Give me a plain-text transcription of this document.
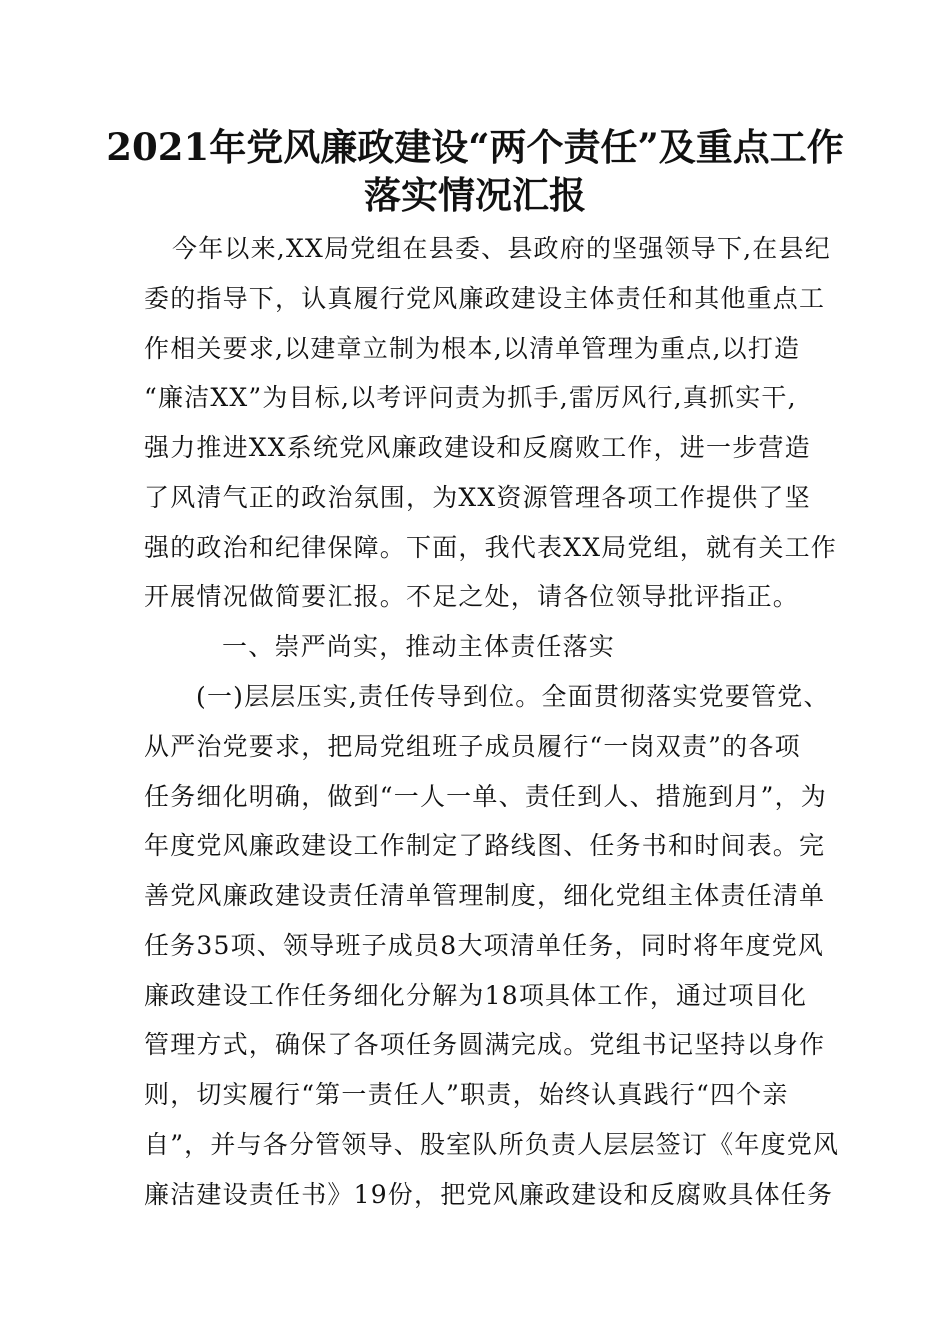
2021年党风廉政建设“两个责任”及重点工作
落实情况汇报
今年以来,XX局党组在县委、县政府的坚强领导下,在县纪
委的指导下，认真履行党风廉政建设主体责任和其他重点工
作相关要求,以建章立制为根本,以清单管理为重点,以打造
“廉洁XX”为目标,以考评问责为抓手,雷厉风行,真抓实干,
强力推进XX系统党风廉政建设和反腐败工作，进一步营造
了风清气正的政治氛围，为XX资源管理各项工作提供了坚
强的政治和纪律保障。下面，我代表XX局党组，就有关工作
开展情况做简要汇报。不足之处，请各位领导批评指正。
一、崇严尚实，推动主体责任落实
(一)层层压实,责任传导到位。全面贯彻落实党要管党、
从严治党要求，把局党组班子成员履行“一岗双责”的各项
任务细化明确，做到“一人一单、责任到人、措施到月”，为
年度党风廉政建设工作制定了路线图、任务书和时间表。完
善党风廉政建设责任清单管理制度，细化党组主体责任清单
任务35项、领导班子成员8大项清单任务，同时将年度党风
廉政建设工作任务细化分解为18项具体工作，通过项目化
管理方式，确保了各项任务圆满完成。党组书记坚持以身作
则，切实履行“第一责任人”职责，始终认真践行“四个亲
自”，并与各分管领导、股室队所负责人层层签订《年度党风
廉洁建设责任书》19份，把党风廉政建设和反腐败具体任务
